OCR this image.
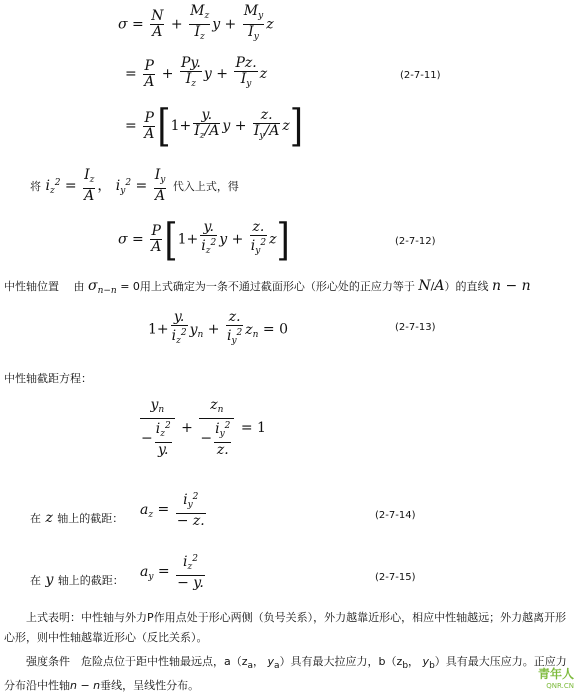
$\sigma = \frac{N}{A} + \frac{M_z}{I_z}$ $y + \frac{M_y}{I_y}$ z
= $\frac{P}{A} + \frac{Py.}{I_z}$ $y + \frac{Pz.}{I_y}$ z	(2-7-11)
= $\frac{P}{A} [1+ \frac{y.}{I_z/A}$ $y + \frac{z.}{I_y/A} z$]
将 $i_z^2 = \frac{I_z}{A}$ ， $i_y^2 = \frac{I_y}{A}$ 代入上式，得
$\sigma = \frac{P}{A} [1+ \frac{y.}{i_z^2}$ $y + \frac{z.}{i_y^2} z$]	(2-7-12)
中性轴位置 　 由 $\sigma_{n-n} = 0$用上式确定为一条不通过截面形心（形心处的正应力等于 N/A）的直线 n − n
$1+ \frac{y.}{i_z^2} y_n + \frac{z.}{i_y^2} z_n = 0$	(2-7-13)
中性轴截距方程：
$\frac{y_n}{- \frac{i_z^2}{y.}} + \frac{z_n}{- \frac{i_y^2}{z.}} = 1$
在 z 轴上的截距：
$a_z = \frac{i_y^2}{- z.}$	(2-7-14)
在 y 轴上的截距：
$a_y = \frac{i_z^2}{- y.}$	(2-7-15)
上式表明：中性轴与外力P作用点处于形心两侧（负号关系），外力越靠近形心，相应中性轴越远；外力越离开形心形，则中性轴越靠近形心（反比关系）。
强度条件　危险点位于距中性轴最远点，$a(z_a$， $y_a$）具有最大拉应力，$b(z_b$， $y_b$）具有最大压应力。正应力分布沿中性轴n − n垂线，呈线性分布。
青年人
QNR.CN
